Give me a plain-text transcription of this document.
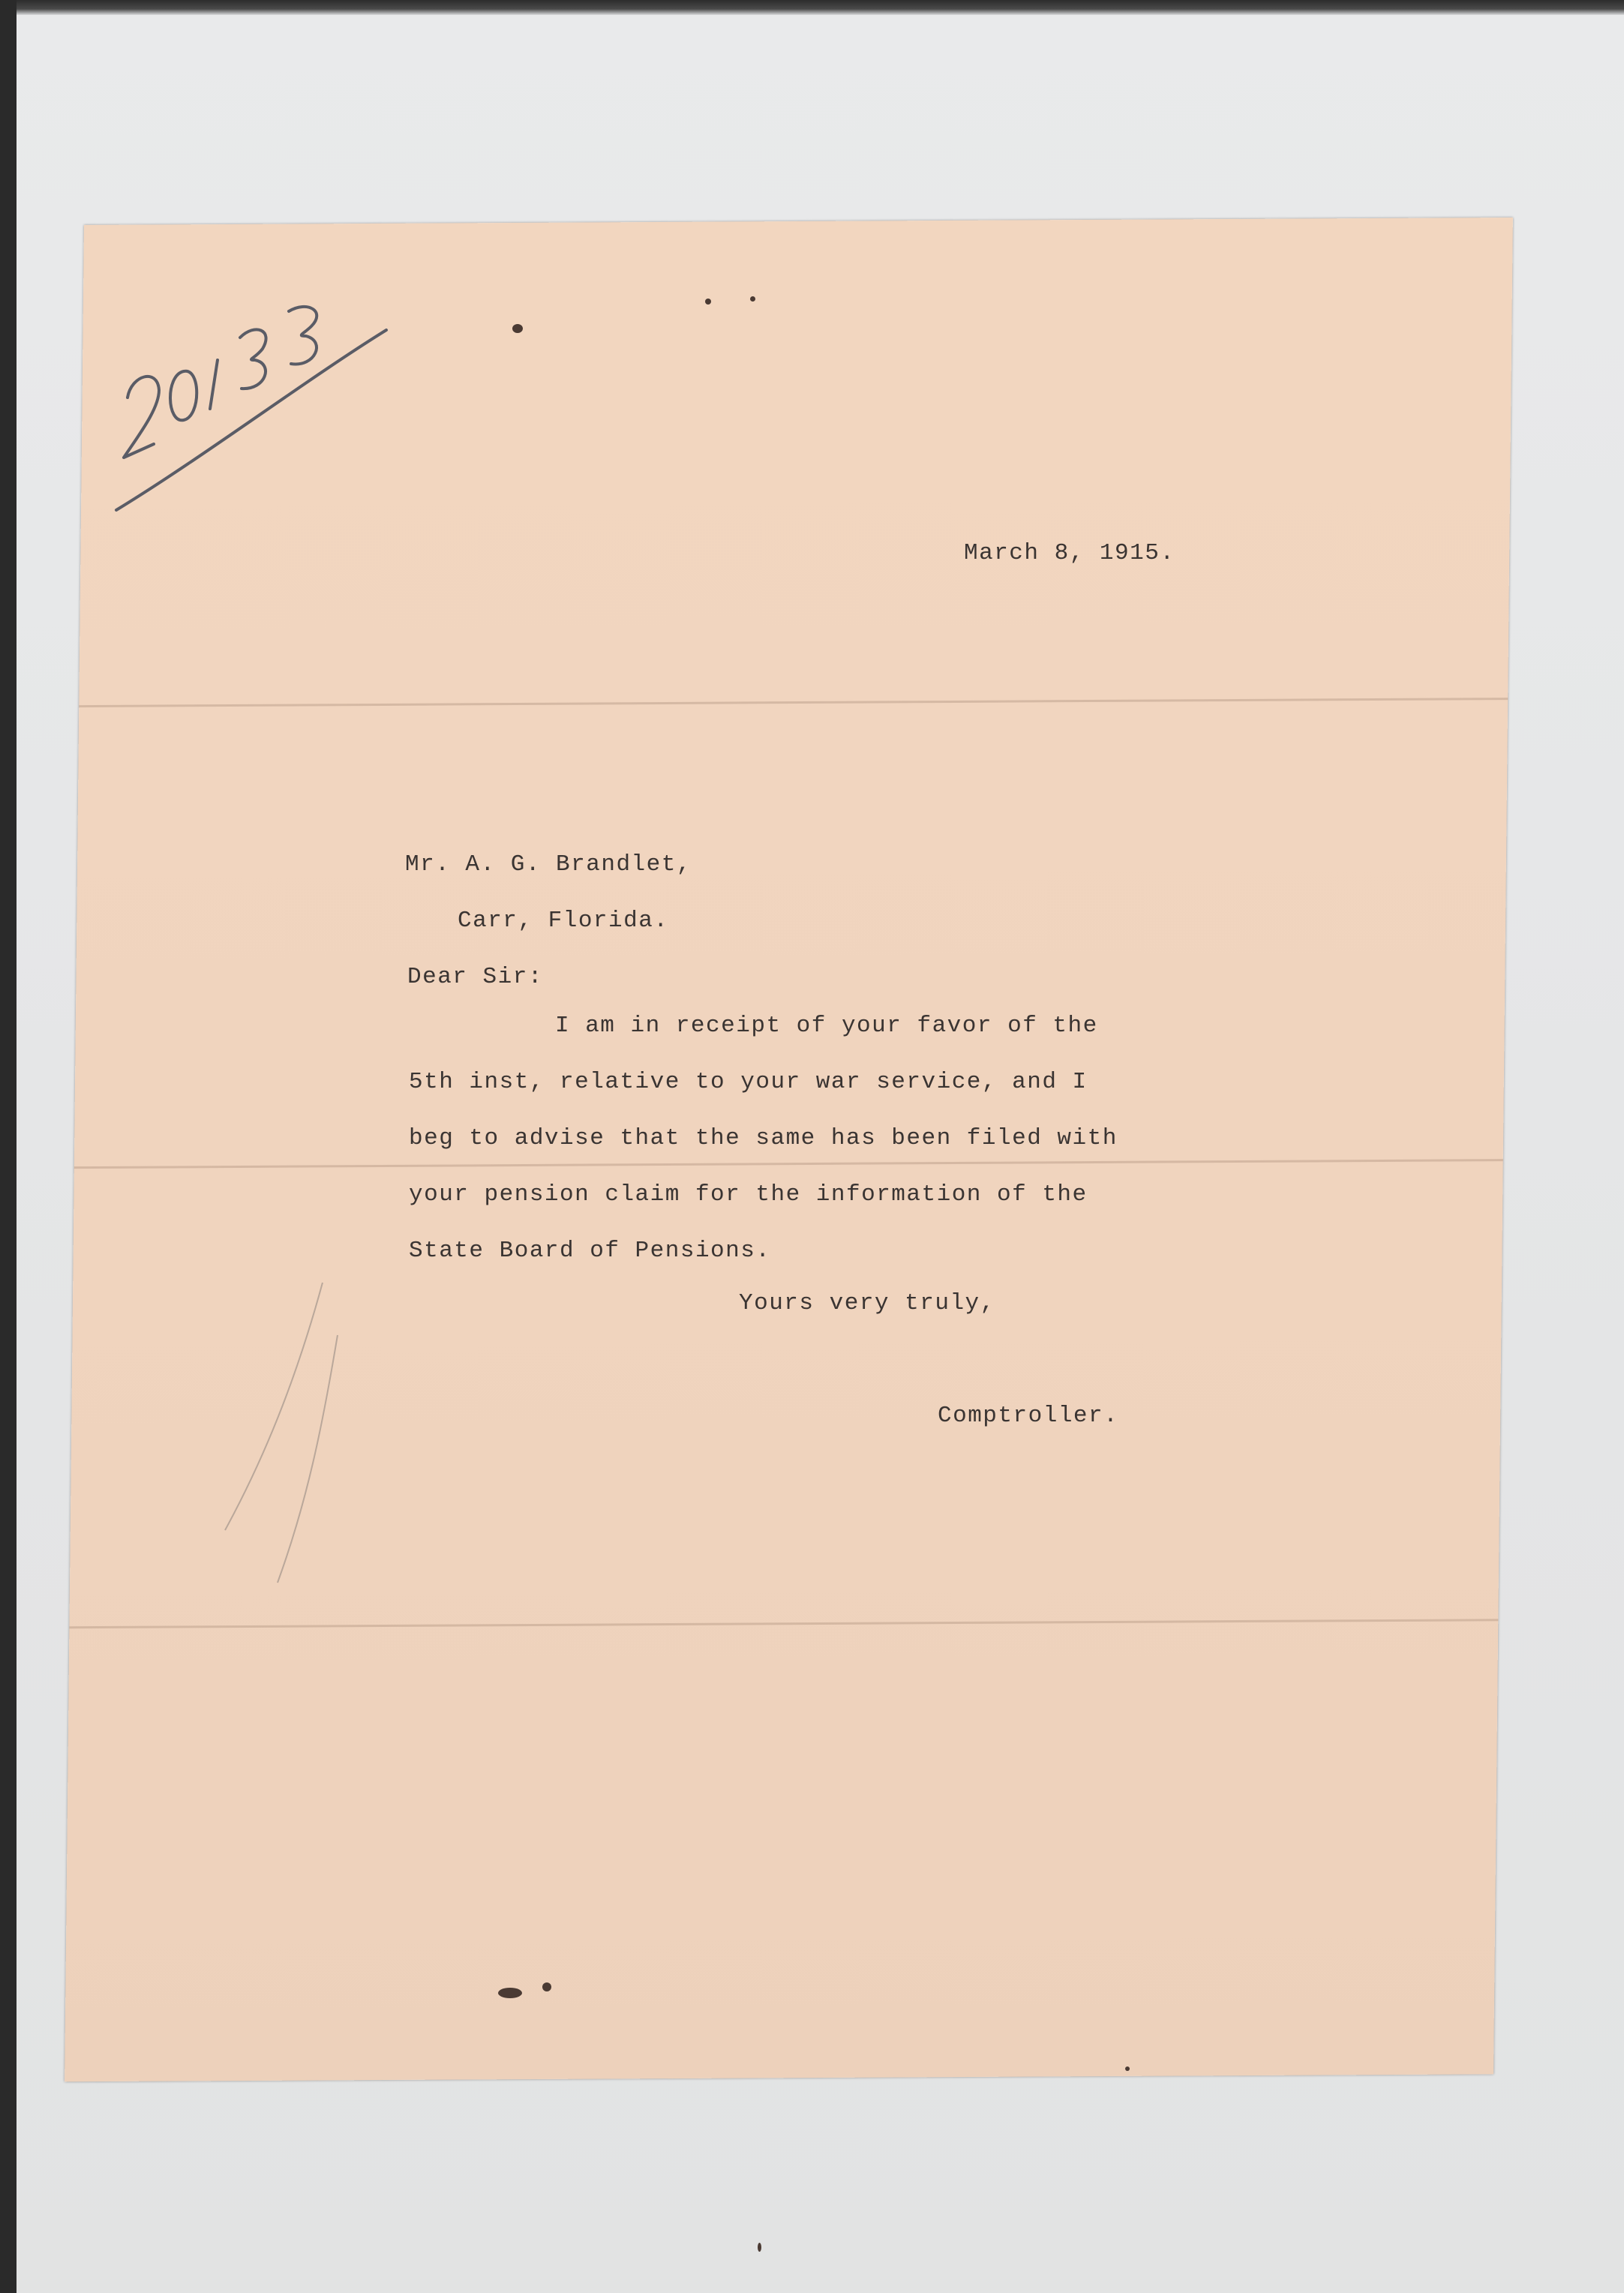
March 8, 1915.
Mr. A. G. Brandlet,
Carr, Florida.
Dear Sir:
I am in receipt of your favor of the
5th inst, relative to your war service, and I
beg to advise that the same has been filed with
your pension claim for the information of the
State Board of Pensions.
Yours very truly,
Comptroller.
